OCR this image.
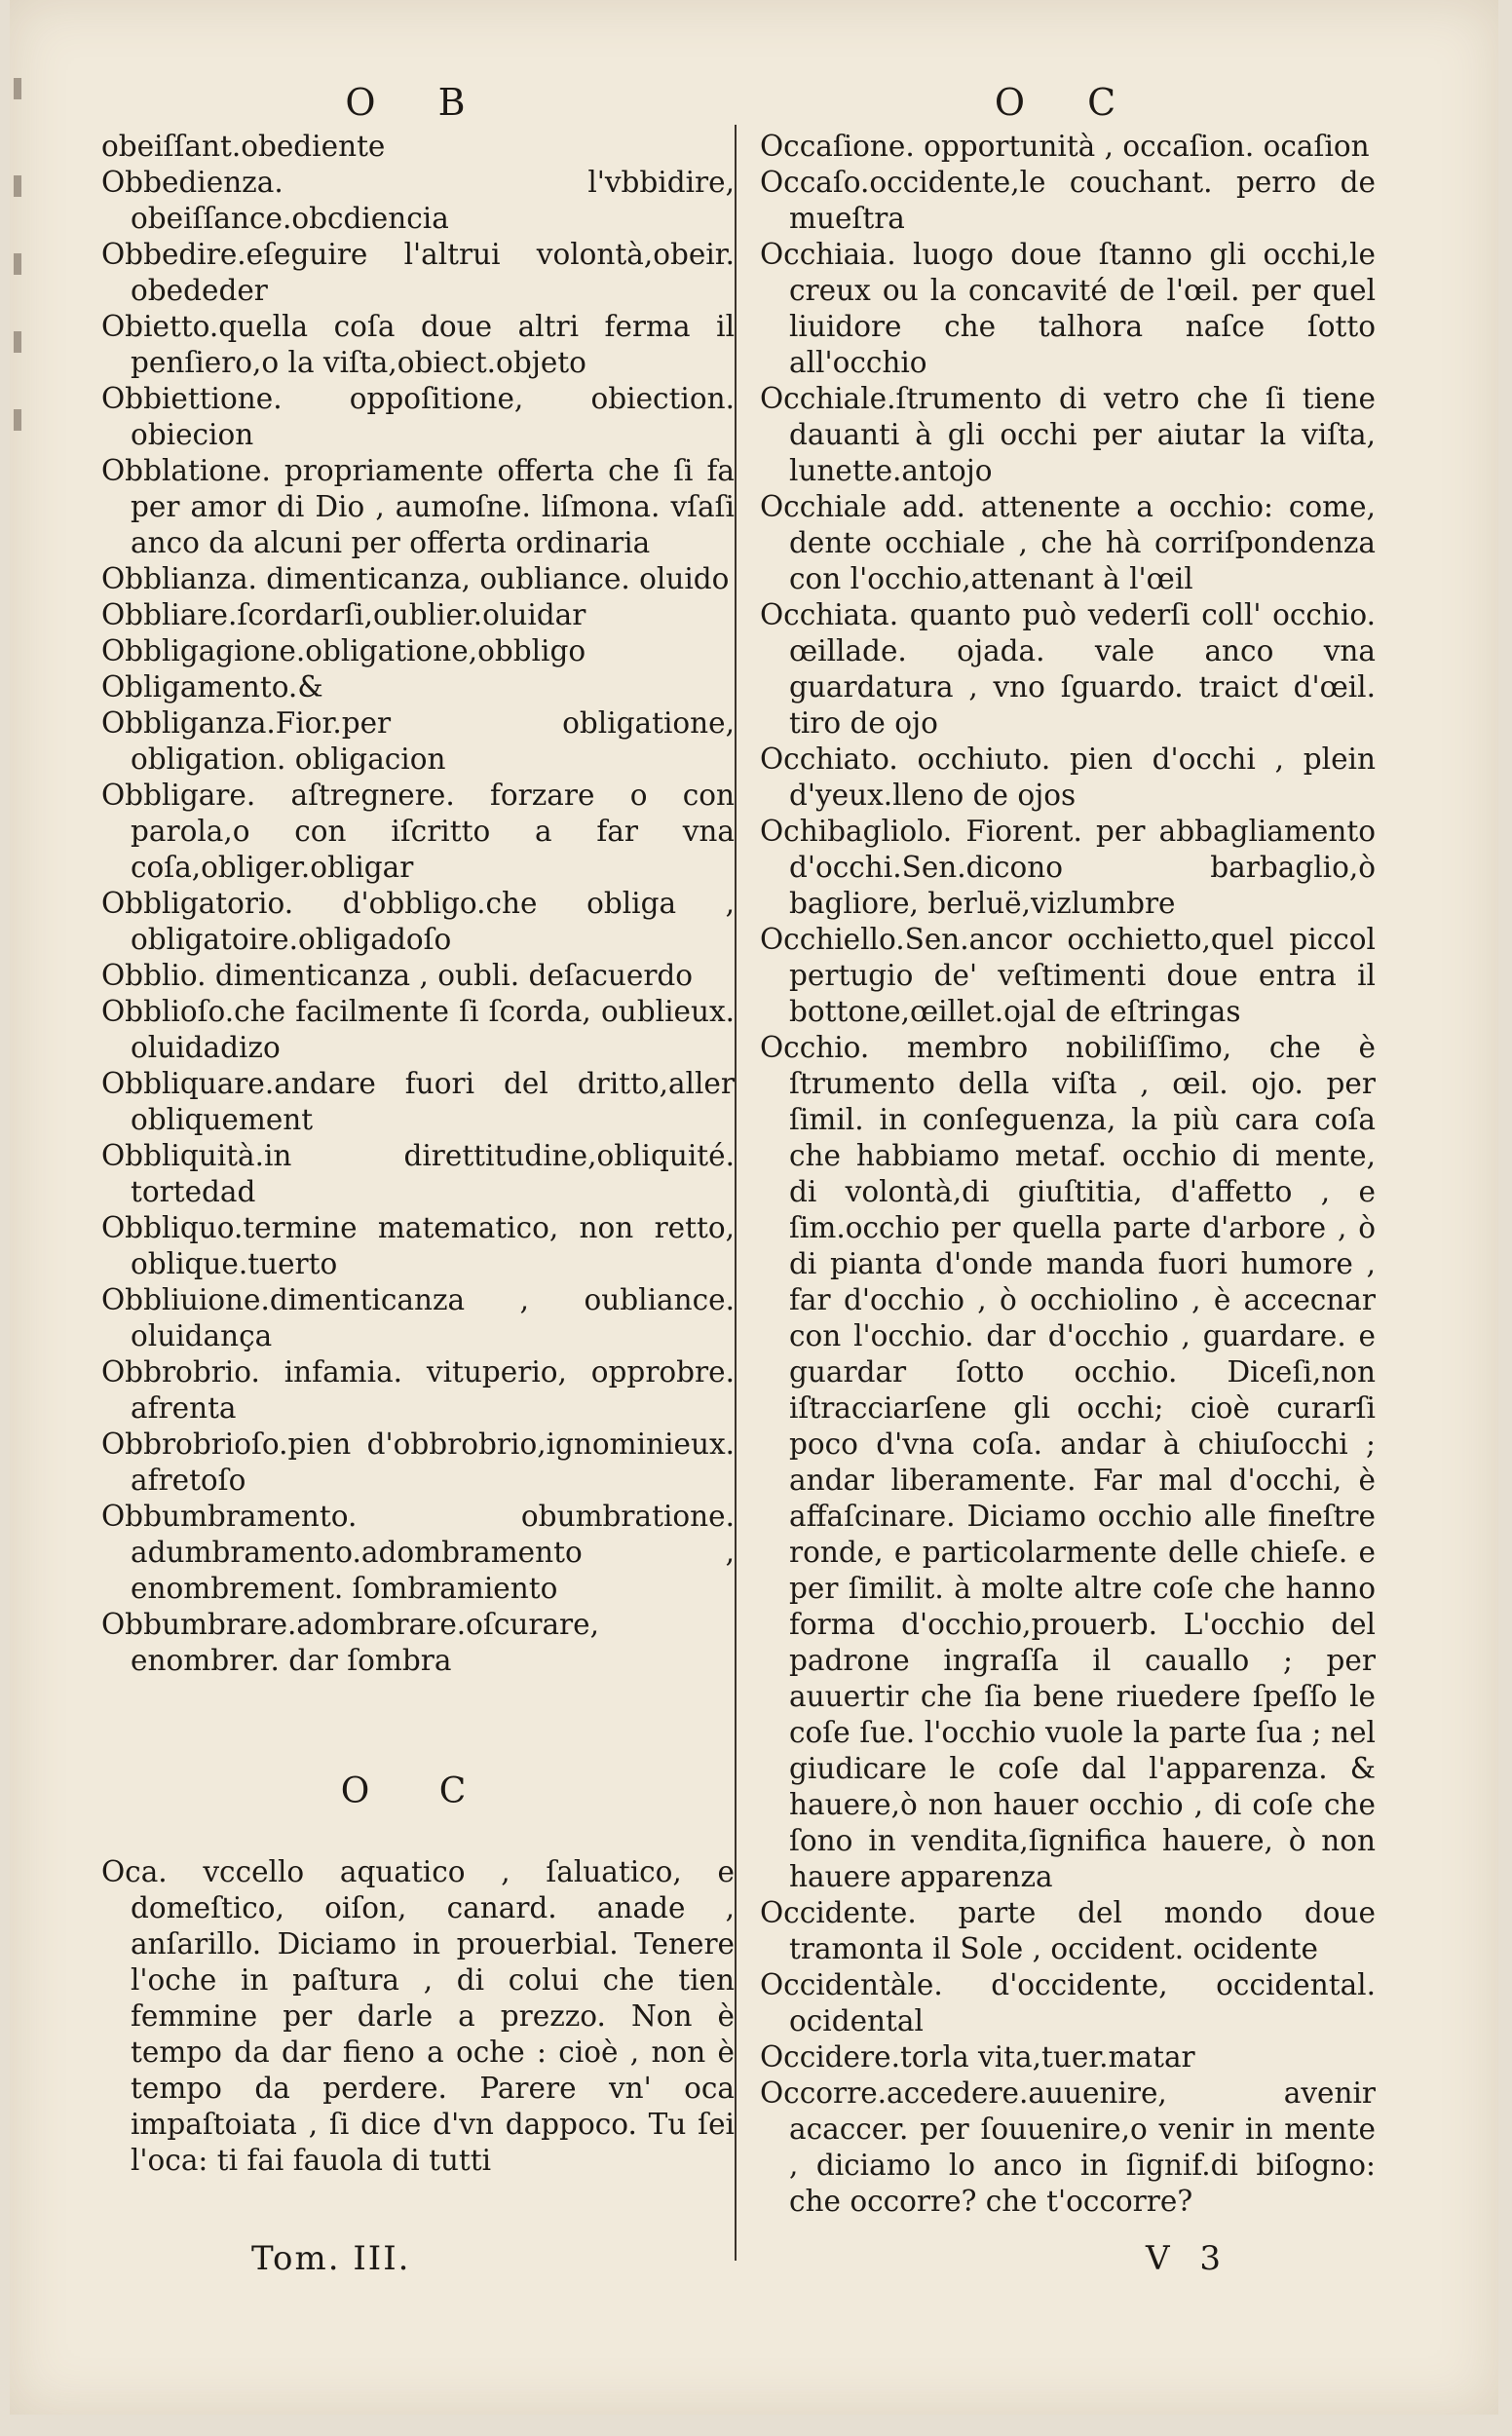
O B

obeiſſant.obediente

Obbedienza. l'vbbidire, obeiſſance.obcdiencia

Obbedire.eſeguire l'altrui volontà,obeir. obededer

Obietto.quella coſa doue altri ferma il penſiero,o la viſta,obiect.objeto

Obbiettione. oppoſitione, obiection. obiecion

Obblatione. propriamente offerta che ſi fa per amor di Dio , aumoſne. liſmona. vſaſi anco da alcuni per offerta ordinaria

Obblianza. dimenticanza, oubliance. oluido

Obbliare.ſcordarſi,oublier.oluidar

Obbligagione.obligatione,obbligo

Obligamento.&

Obbliganza.Fior.per obligatione, obligation. obligacion

Obbligare. aſtregnere. forzare o con parola,o con iſcritto a far vna coſa,obliger.obligar

Obbligatorio. d'obbligo.che obliga , obligatoire.obligadoſo

Obblio. dimenticanza , oubli. deſacuerdo

Obblioſo.che facilmente ſi ſcorda, oublieux. oluidadizo

Obbliquare.andare fuori del dritto,aller obliquement

Obbliquità.in direttitudine,obliquité. tortedad

Obbliquo.termine matematico, non retto, oblique.tuerto

Obbliuione.dimenticanza , oubliance. oluidança

Obbrobrio. infamia. vituperio, opprobre. afrenta

Obbrobrioſo.pien d'obbrobrio,ignominieux. afretoſo

Obbumbramento. obumbratione. adumbramento.adombramento , enombrement. ſombramiento

Obbumbrare.adombrare.oſcurare, enombrer. dar ſombra

O C

Oca. vccello aquatico , ſaluatico, e domeſtico, oiſon, canard. anade , anſarillo. Diciamo in prouerbial. Tenere l'oche in paſtura , di colui che tien femmine per darle a prezzo. Non è tempo da dar fieno a oche : cioè , non è tempo da perdere. Parere vn' oca impaſtoiata , ſi dice d'vn dappoco. Tu ſei l'oca: ti fai fauola di tutti

O C

Occaſione. opportunità , occaſion. ocaſion

Occaſo.occidente,le couchant. perro de mueſtra

Occhiaia. luogo doue ſtanno gli occhi,le creux ou la concavité de l'œil. per quel liuidore che talhora naſce ſotto all'occhio

Occhiale.ſtrumento di vetro che ſi tiene dauanti à gli occhi per aiutar la viſta, lunette.antojo

Occhiale add. attenente a occhio: come, dente occhiale , che hà corriſpondenza con l'occhio,attenant à l'œil

Occhiata. quanto può vederſi coll' occhio. œillade. ojada. vale anco vna guardatura , vno ſguardo. traict d'œil. tiro de ojo

Occhiato. occhiuto. pien d'occhi , plein d'yeux.lleno de ojos

Ochibagliolo. Fiorent. per abbagliamento d'occhi.Sen.dicono barbaglio,ò bagliore, berluë,vizlumbre

Occhiello.Sen.ancor occhietto,quel piccol pertugio de' veſtimenti doue entra il bottone,œillet.ojal de eſtringas

Occhio. membro nobiliſſimo, che è ſtrumento della viſta , œil. ojo. per ſimil. in conſeguenza, la più cara coſa che habbiamo metaf. occhio di mente, di volontà,di giuſtitia, d'affetto , e ſim.occhio per quella parte d'arbore , ò di pianta d'onde manda fuori humore , far d'occhio , ò occhiolino , è accecnar con l'occhio. dar d'occhio , guardare. e guardar ſotto occhio. Diceſi,non iſtracciarſene gli occhi; cioè curarſi poco d'vna coſa. andar à chiuſocchi ; andar liberamente. Far mal d'occhi, è affaſcinare. Diciamo occhio alle fineſtre ronde, e particolarmente delle chieſe. e per ſimilit. à molte altre coſe che hanno forma d'occhio,prouerb. L'occhio del padrone ingraſſa il cauallo ; per auuertir che ſia bene riuedere ſpeſſo le coſe ſue. l'occhio vuole la parte ſua ; nel giudicare le coſe dal l'apparenza. & hauere,ò non hauer occhio , di coſe che ſono in vendita,ſignifica hauere, ò non hauere apparenza

Occidente. parte del mondo doue tramonta il Sole , occident. ocidente

Occidentàle. d'occidente, occidental. ocidental

Occidere.torla vita,tuer.matar

Occorre.accedere.auuenire, avenir acaccer. per ſouuenire,o venir in mente , diciamo lo anco in ſignif.di biſogno: che occorre? che t'occorre?

Tom. III.	V 3
